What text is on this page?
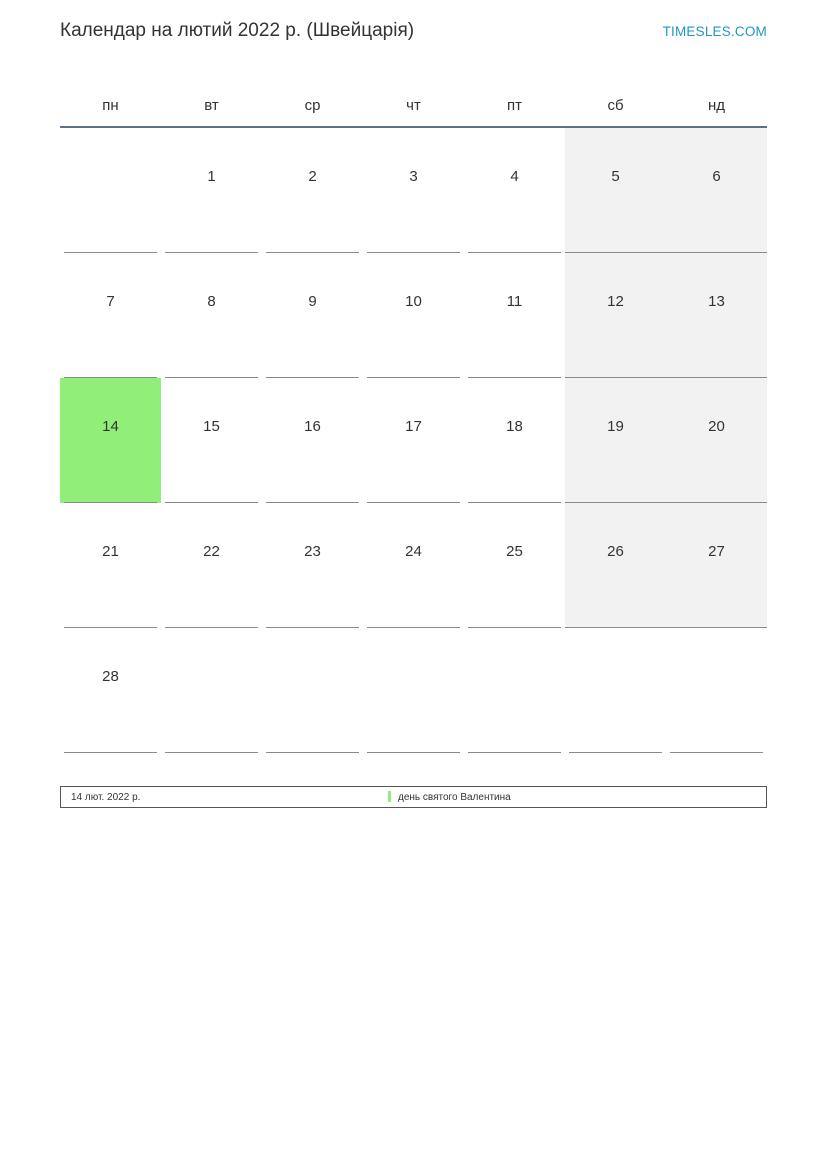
Календар на лютий 2022 р. (Швейцарія)	TIMESLES.COM
пн	вт	ср	чт	пт	сб	нд

	1	2	3	4	5	6

7	8	9	10	11	12	13

14	15	16	17	18	19	20

21	22	23	24	25	26	27

28						

14 лют. 2022 р.	день святого Валентина
